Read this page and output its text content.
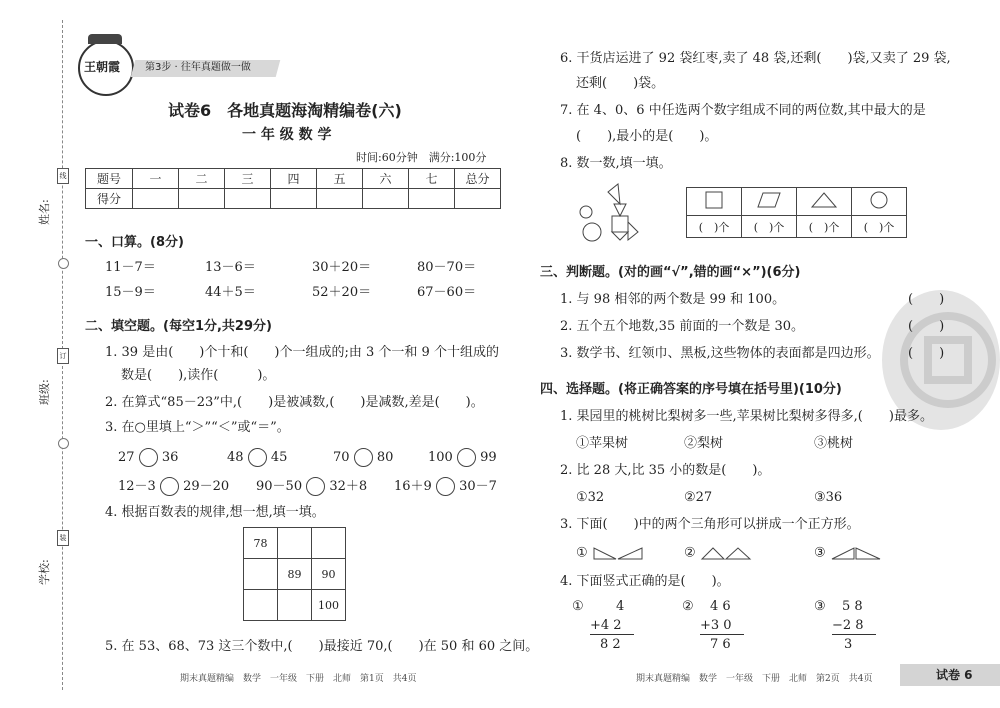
线
订
装
姓名:
班级:
学校:
王朝霞 第3步 · 往年真题做一做
试卷6　各地真题海淘精编卷(六)
一 年 级 数 学
时间:60分钟　满分:100分
题号	一	二	三	四	五	六	七	总分
得分								
一、口算。(8分)
11－7＝	13－6＝	30＋20＝	80－70＝
15－9＝	44＋5＝	52＋20＝	67－60＝
二、填空题。(每空1分,共29分)
1. 39 是由(　　)个十和(　　)个一组成的;由 3 个一和 9 个十组成的
数是(　　),读作(　　　)。
2. 在算式“85－23”中,(　　)是被减数,(　　)是减数,差是(　　)。
3. 在○里填上“＞”“＜”或“＝”。
27 36	48 45	70 80	100 99
12－3 29－20 90－50 32＋8 16＋9 30－7
4. 根据百数表的规律,想一想,填一填。
78		
	89	90
		100
5. 在 53、68、73 这三个数中,(　　)最接近 70,(　　)在 50 和 60 之间。
期末真题精编　数学　一年级　下册　北师　第1页　共4页
6. 干货店运进了 92 袋红枣,卖了 48 袋,还剩(　　)袋,又卖了 29 袋,
还剩(　　)袋。
7. 在 4、0、6 中任选两个数字组成不同的两位数,其中最大的是
(　　),最小的是(　　)。
8. 数一数,填一填。

(　)个	(　)个	(　)个	(　)个
三、判断题。(对的画“√”,错的画“×”)(6分)
1. 与 98 相邻的两个数是 99 和 100。
2. 五个五个地数,35 前面的一个数是 30。
3. 数学书、红领巾、黑板,这些物体的表面都是四边形。
(　　)
(　　)
(　　)
四、选择题。(将正确答案的序号填在括号里)(10分)
1. 果园里的桃树比梨树多一些,苹果树比梨树多得多,(　　)最多。
①苹果树	②梨树	③桃树
2. 比 28 大,比 35 小的数是(　　)。
①32	②27	③36
3. 下面(　　)中的两个三角形可以拼成一个正方形。
①	②	③
4. 下面竖式正确的是(　　)。
① 4
+4 2
8 2
② 4 6
+3 0
7 6
③ 5 8
−2 8
3
期末真题精编　数学　一年级　下册　北师　第2页　共4页	试卷 6
